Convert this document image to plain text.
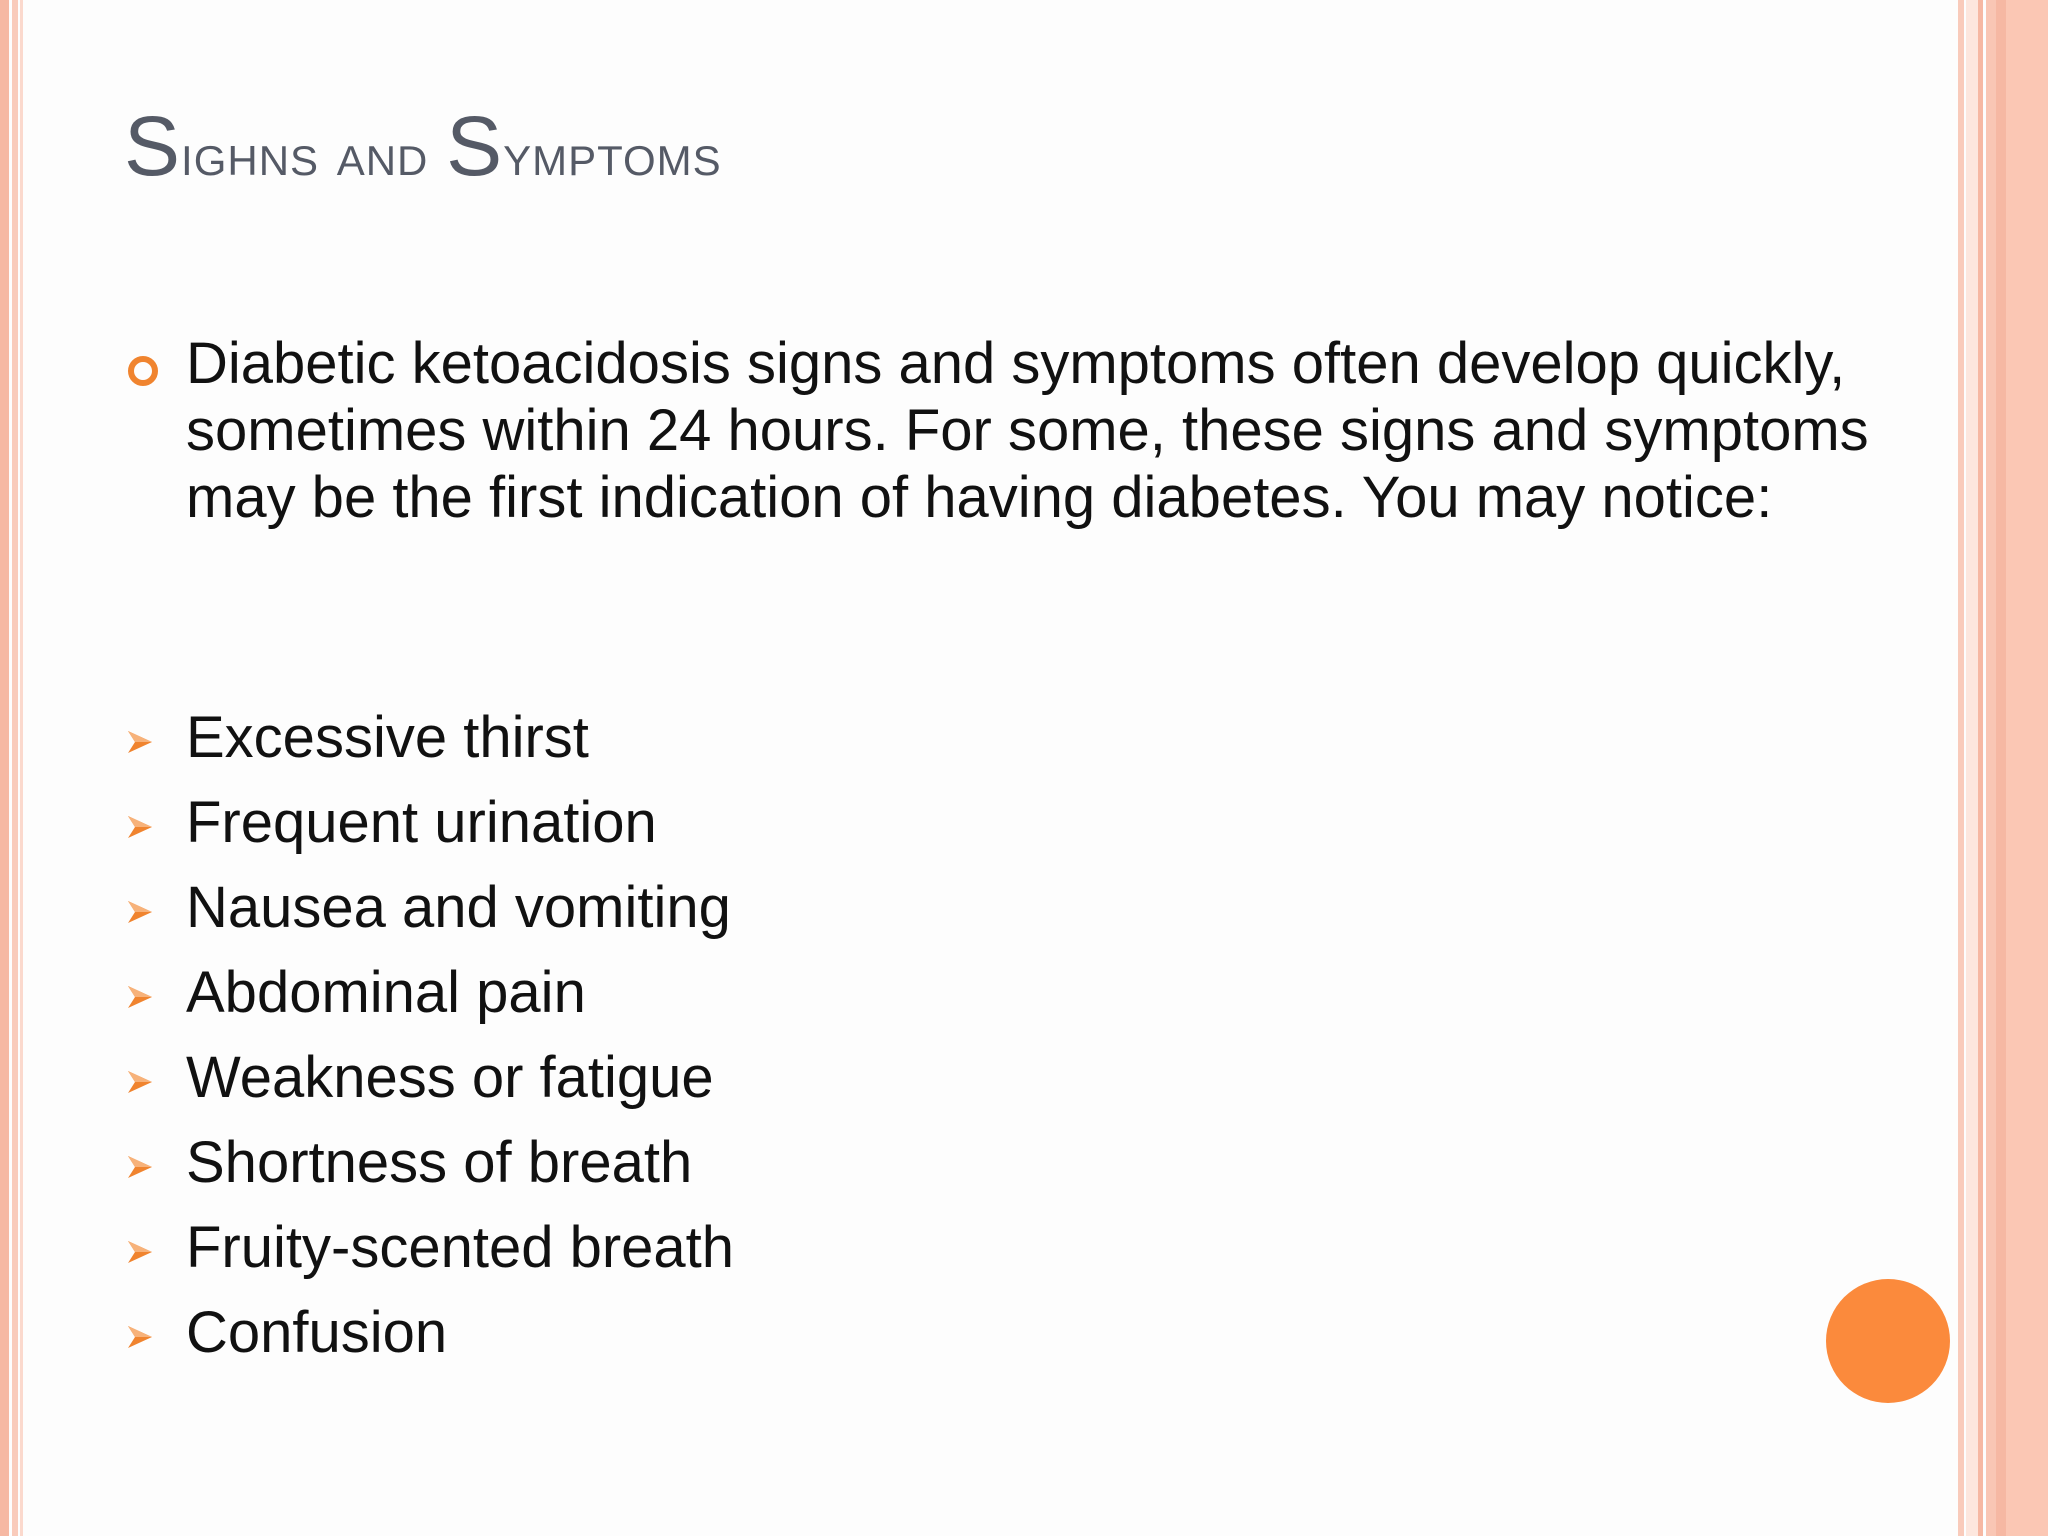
Sighns and Symptoms
Diabetic ketoacidosis signs and symptoms often develop quickly, sometimes within 24 hours. For some, these signs and symptoms may be the first indication of having diabetes. You may notice:
Excessive thirst
Frequent urination
Nausea and vomiting
Abdominal pain
Weakness or fatigue
Shortness of breath
Fruity-scented breath
Confusion
